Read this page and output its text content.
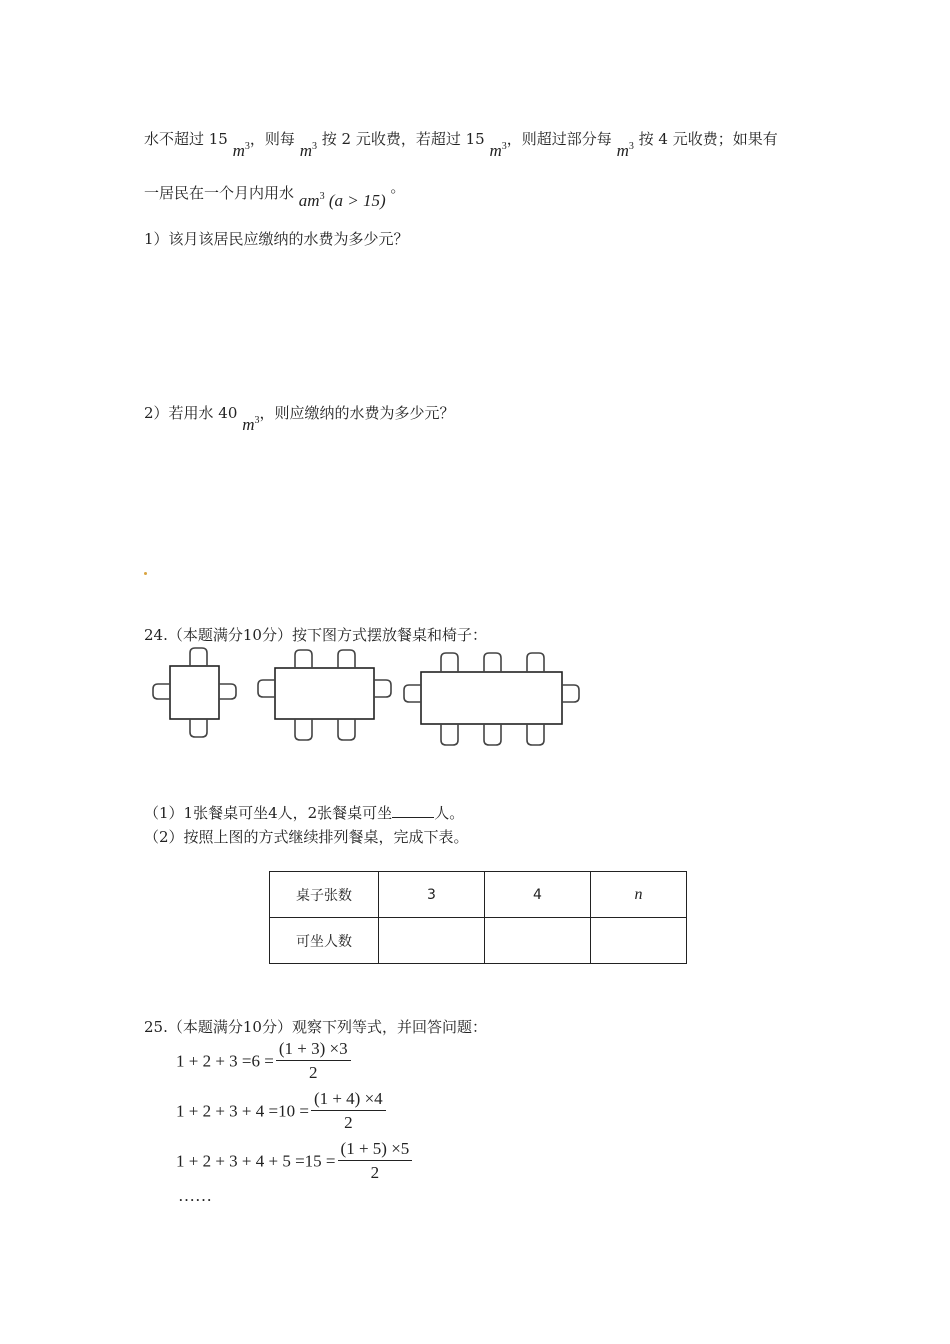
水不超过 15 $m^3$，则每 $m^3$ 按 2 元收费，若超过 15 $m^3$，则超过部分每 $m^3$ 按 4 元收费；如果有
一居民在一个月内用水 $am^3$ (a > 15) 。
1）该月该居民应缴纳的水费为多少元？
2）若用水 40 $m^3$，则应缴纳的水费为多少元？
24.（本题满分10分）按下图方式摆放餐桌和椅子：
（1）1张餐桌可坐4人，2张餐桌可坐	人。
（2）按照上图的方式继续排列餐桌，完成下表。
桌子张数	3	4	n
可坐人数			
25.（本题满分10分）观察下列等式，并回答问题：
$1 + 2 + 3 =6 = \frac{(1 + 3) \times 3}{2}$
$1 + 2 + 3 + 4 =10 = \frac{(1 + 4) \times 4}{2}$
$1 + 2 + 3 + 4 + 5 =15 = \frac{(1 + 5) \times 5}{2}$
……
